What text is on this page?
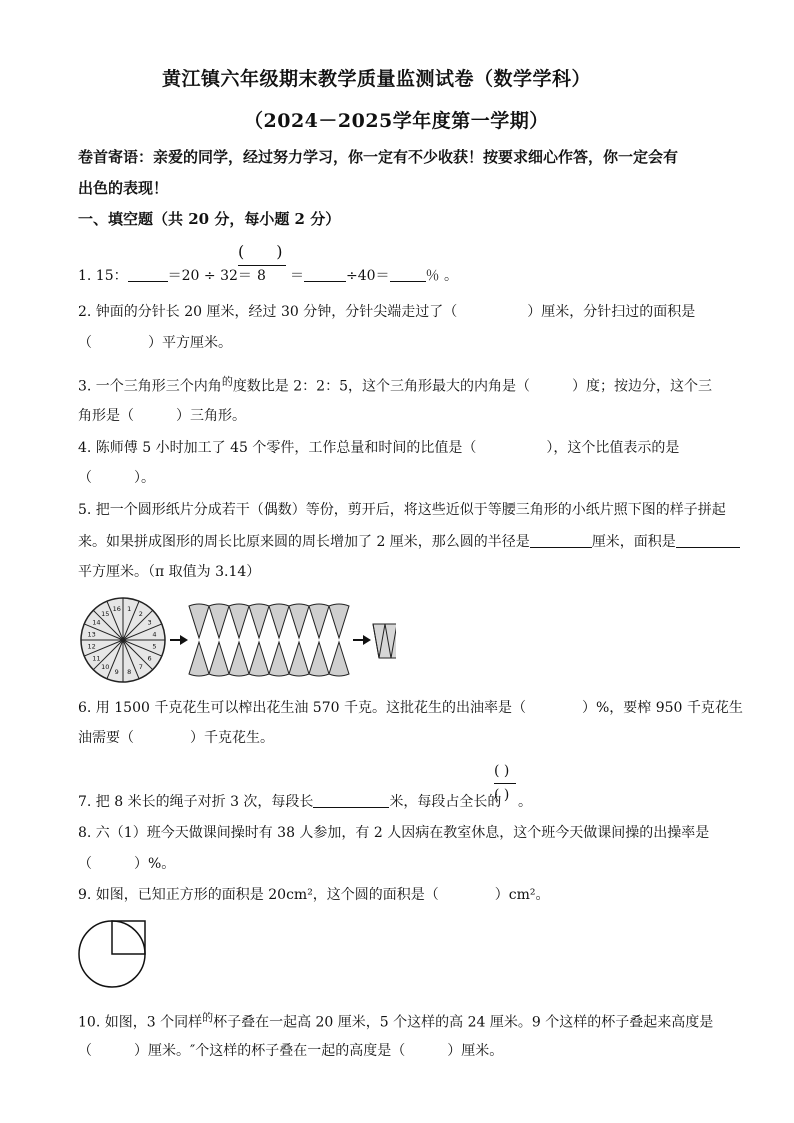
黄江镇六年级期末教学质量监测试卷（数学学科）
（2024－2025学年度第一学期）
卷首寄语：亲爱的同学，经过努力学习，你一定有不少收获！按要求细心作答，你一定会有
出色的表现！
一、填空题（共 20 分，每小题 2 分）
1. 15：	＝20 ÷ 32＝
(　　)
8 ＝	÷40＝	％ 。
2. 钟面的分针长 20 厘米，经过 30 分钟，分针尖端走过了（　　　　　）厘米，分针扫过的面积是
（　　　　）平方厘米。
3. 一个三角形三个内角$^的$度数比是 2：2：5，这个三角形最大的内角是（　　　）度；按边分，这个三
角形是（　　　）三角形。
4. 陈师傅 5 小时加工了 45 个零件，工作总量和时间的比值是（　　　　　），这个比值表示的是
（　　　）。
5. 把一个圆形纸片分成若干（偶数）等份，剪开后，将这些近似于等腰三角形的小纸片照下图的样子拼起
来。如果拼成图形的周长比原来圆的周长增加了 2 厘米，那么圆的半径是	厘米，面积是
平方厘米。（π 取值为 3.14）
1
2
3
4
5
6
7
8
9
10
11
12
13
14
15
16
6. 用 1500 千克花生可以榨出花生油 570 千克。这批花生的出油率是（　　　　）%，要榨 950 千克花生
油需要（　　　　）千克花生。
7. 把 8 米长的绳子对折 3 次，每段长	米，每段占全长的
( )
( ) 。
8. 六（1）班今天做课间操时有 38 人参加，有 2 人因病在教室休息，这个班今天做课间操的出操率是
（　　　）%。
9. 如图，已知正方形的面积是 20cm²，这个圆的面积是（　　　　）cm²。
10. 如图，3 个同样$^的$杯子叠在一起高 20 厘米，5 个这样的高 24 厘米。9 个这样的杯子叠起来高度是
（　　　）厘米。″个这样的杯子叠在一起的高度是（　　　）厘米。
